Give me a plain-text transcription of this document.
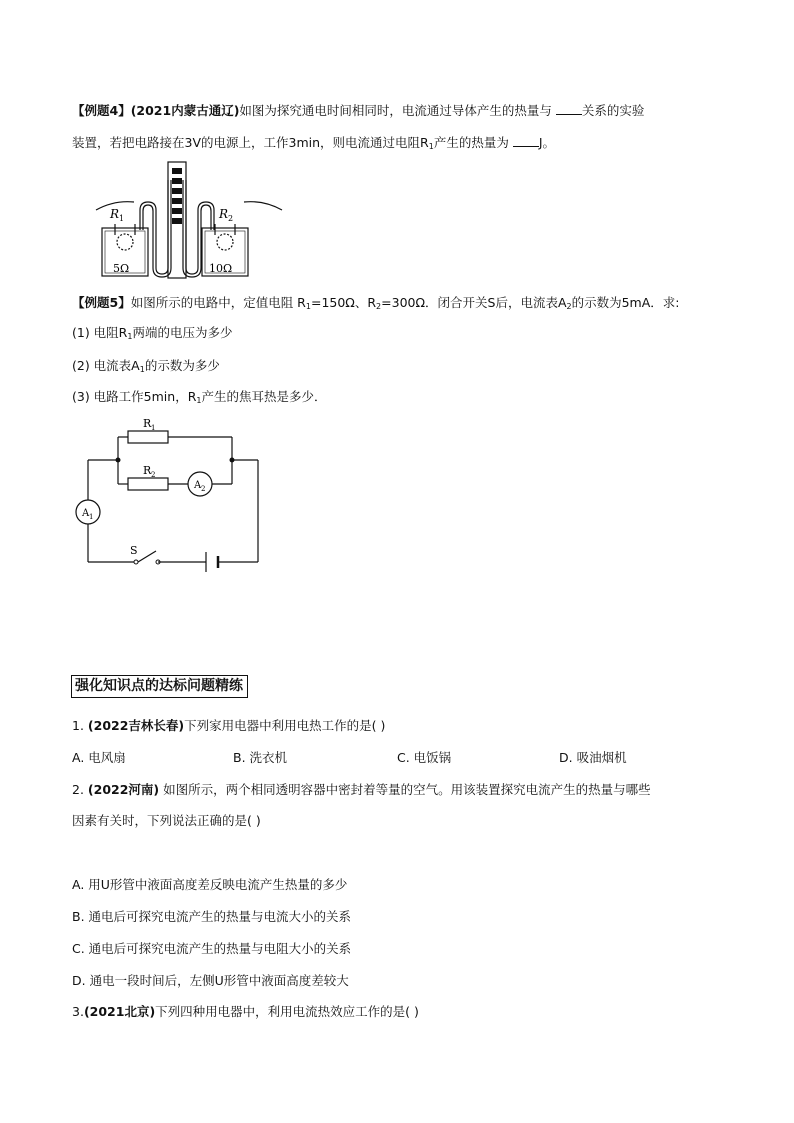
【例题4】(2021内蒙古通辽)如图为探究通电时间相同时，电流通过导体产生的热量与 关系的实验
装置，若把电路接在3V的电源上，工作3min，则电流通过电阻$R_1$产生的热量为 J。
R 1	R 2
5Ω	10Ω
【例题5】如图所示的电路中，定值电阻 $R_1=150\Omega$、$R_2=300\Omega$．闭合开关S后，电流表$A_2$的示数为5mA．求:
(1) 电阻$R_1$两端的电压为多少
(2) 电流表$A_1$的示数为多少
(3) 电路工作5min，$R_1$产生的焦耳热是多少．
R 1
R 2
A 2
A 1
S
强化知识点的达标问题精练
1. (2022吉林长春)下列家用电器中利用电热工作的是( )
A. 电风扇	B. 洗衣机	C. 电饭锅	D. 吸油烟机
2. (2022河南) 如图所示，两个相同透明容器中密封着等量的空气。用该装置探究电流产生的热量与哪些
因素有关时，下列说法正确的是( )
A. 用U形管中液面高度差反映电流产生热量的多少
B. 通电后可探究电流产生的热量与电流大小的关系
C. 通电后可探究电流产生的热量与电阻大小的关系
D. 通电一段时间后，左侧U形管中液面高度差较大
3.(2021北京)下列四种用电器中，利用电流热效应工作的是( )
